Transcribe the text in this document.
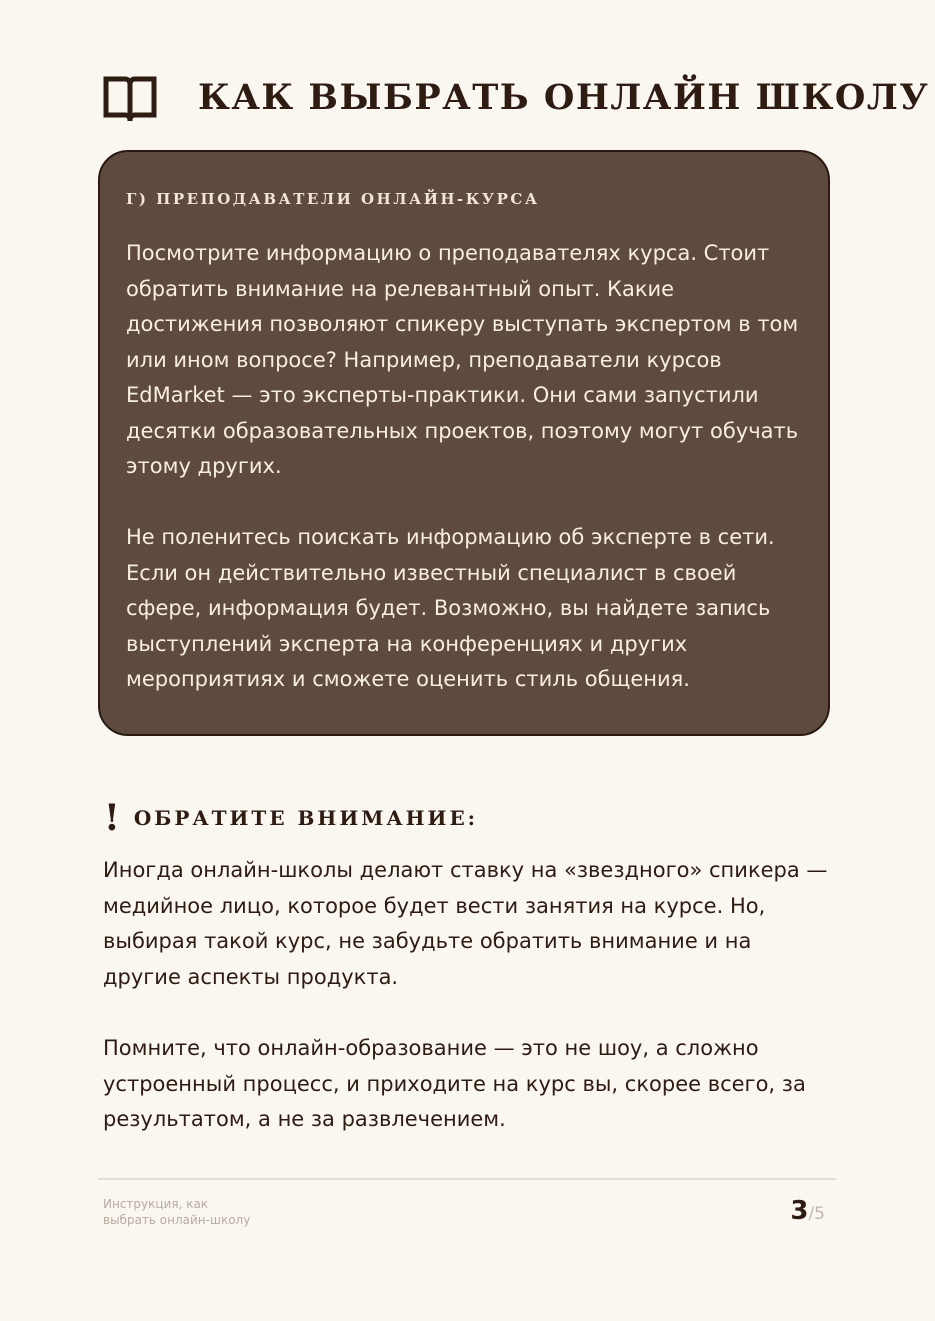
КАК ВЫБРАТЬ ОНЛАЙН ШКОЛУ
Г) ПРЕПОДАВАТЕЛИ ОНЛАЙН-КУРСА

Посмотрите информацию о преподавателях курса. Стоит обратить внимание на релевантный опыт. Какие достижения позволяют спикеру выступать экспертом в том или ином вопросе? Например, преподаватели курсов EdMarket — это эксперты-практики. Они сами запустили десятки образовательных проектов, поэтому могут обучать этому других.

Не поленитесь поискать информацию об эксперте в сети. Если он действительно известный специалист в своей сфере, информация будет. Возможно, вы найдете запись выступлений эксперта на конференциях и других мероприятиях и сможете оценить стиль общения.

! ОБРАТИТЕ ВНИМАНИЕ:

Иногда онлайн-школы делают ставку на «звездного» спикера — медийное лицо, которое будет вести занятия на курсе. Но, выбирая такой курс, не забудьте обратить внимание и на другие аспекты продукта.

Помните, что онлайн-образование — это не шоу, а сложно устроенный процесс, и приходите на курс вы, скорее всего, за результатом, а не за развлечением.

Инструкция, как
выбрать онлайн-школу	3/5
